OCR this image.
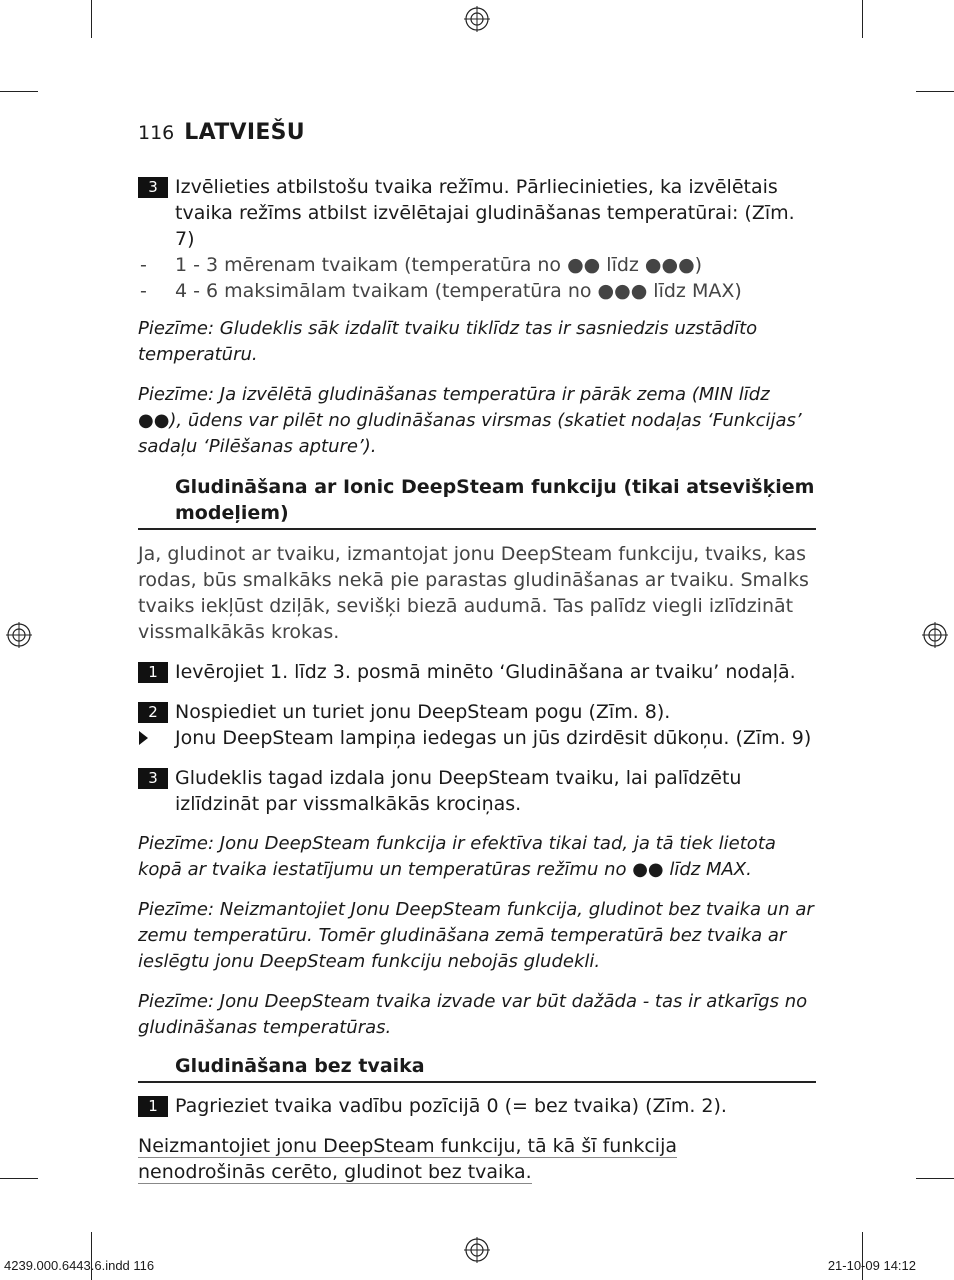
116 LATVIEŠU
3 Izvēlieties atbilstošu tvaika režīmu. Pārliecinieties, ka izvēlētais tvaika režīms atbilst izvēlētajai gludināšanas temperatūrai: (Zīm. 7)
- 1 - 3 mērenam tvaikam (temperatūra no ●● līdz ●●●)
- 4 - 6 maksimālam tvaikam (temperatūra no ●●● līdz MAX)

Piezīme: Gludeklis sāk izdalīt tvaiku tiklīdz tas ir sasniedzis uzstādīto temperatūru.

Piezīme: Ja izvēlētā gludināšanas temperatūra ir pārāk zema (MIN līdz ●●), ūdens var pilēt no gludināšanas virsmas (skatiet nodaļas ‘Funkcijas’ sadaļu ‘Pilēšanas apture’).

Gludināšana ar Ionic DeepSteam funkciju (tikai atsevišķiem modeļiem)

Ja, gludinot ar tvaiku, izmantojat jonu DeepSteam funkciju, tvaiks, kas rodas, būs smalkāks nekā pie parastas gludināšanas ar tvaiku. Smalks tvaiks iekļūst dziļāk, sevišķi biezā audumā. Tas palīdz viegli izlīdzināt vissmalkākās krokas.

1 Ievērojiet 1. līdz 3. posmā minēto ‘Gludināšana ar tvaiku’ nodaļā.
2 Nospiediet un turiet jonu DeepSteam pogu (Zīm. 8).
Jonu DeepSteam lampiņa iedegas un jūs dzirdēsit dūkoņu. (Zīm. 9)
3 Gludeklis tagad izdala jonu DeepSteam tvaiku, lai palīdzētu izlīdzināt par vissmalkākās krociņas.

Piezīme: Jonu DeepSteam funkcija ir efektīva tikai tad, ja tā tiek lietota kopā ar tvaika iestatījumu un temperatūras režīmu no ●● līdz MAX.

Piezīme: Neizmantojiet Jonu DeepSteam funkcija, gludinot bez tvaika un ar zemu temperatūru. Tomēr gludināšana zemā temperatūrā bez tvaika ar ieslēgtu jonu DeepSteam funkciju nebojās gludekli.

Piezīme: Jonu DeepSteam tvaika izvade var būt dažāda - tas ir atkarīgs no gludināšanas temperatūras.

Gludināšana bez tvaika
1 Pagrieziet tvaika vadību pozīcijā 0 (= bez tvaika) (Zīm. 2).

Neizmantojiet jonu DeepSteam funkciju, tā kā šī funkcija nenodrošinās cerēto, gludinot bez tvaika.

4239.000.6443.6.indd 116	21-10-09 14:12
